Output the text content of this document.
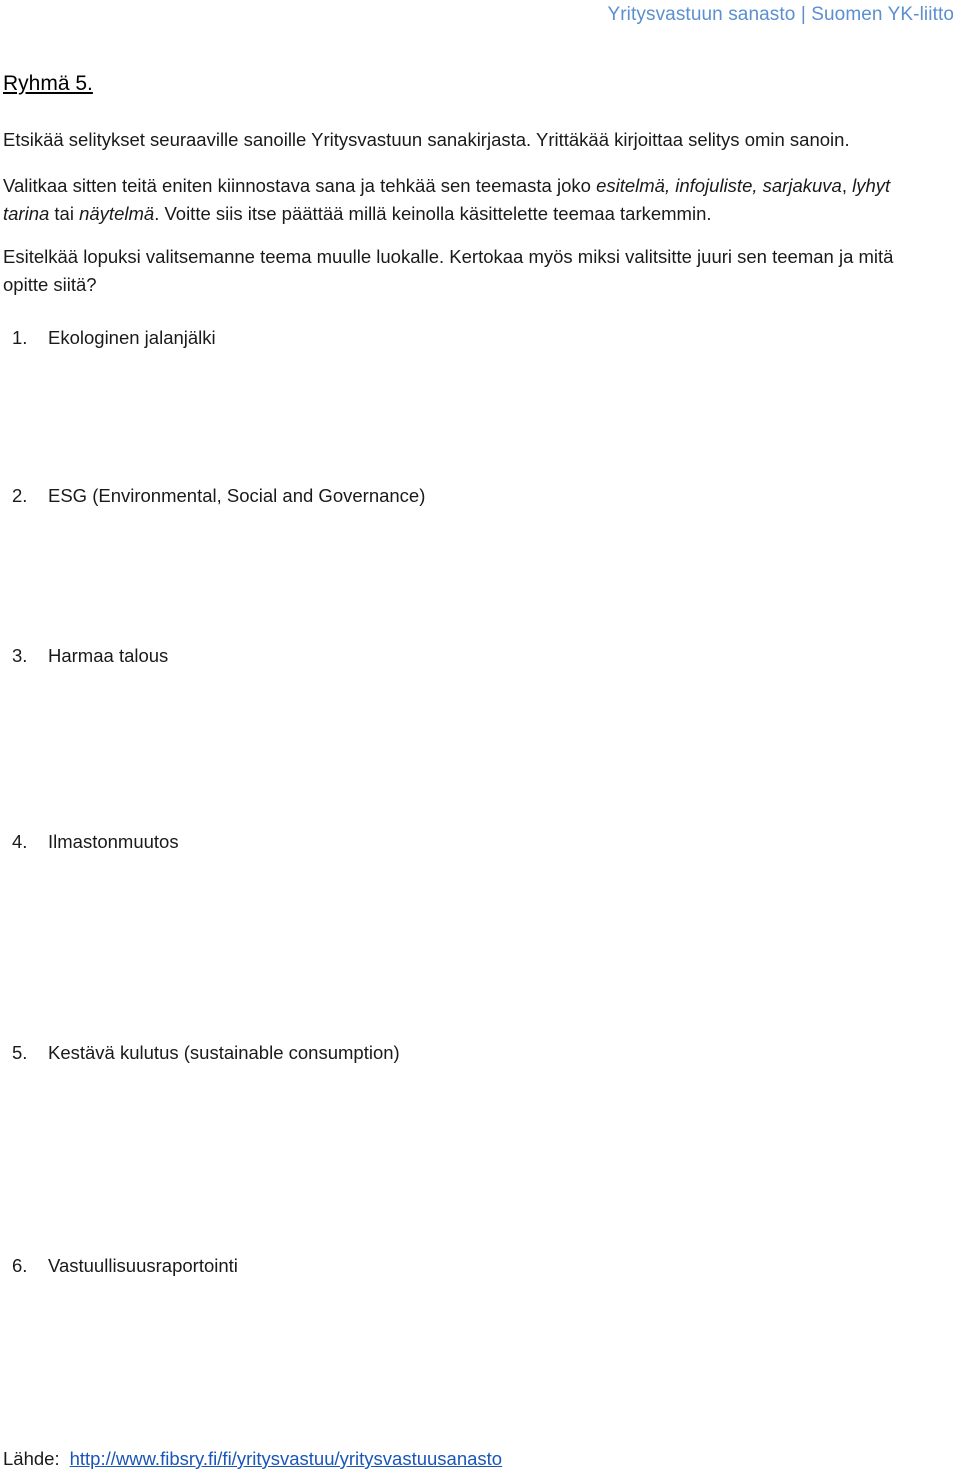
Yritysvastuun sanasto | Suomen YK-liitto
Ryhmä 5.
Etsikää selitykset seuraaville sanoille Yritysvastuun sanakirjasta. Yrittäkää kirjoittaa selitys omin sanoin.
Valitkaa sitten teitä eniten kiinnostava sana ja tehkää sen teemasta joko esitelmä, infojuliste, sarjakuva, lyhyt
tarina tai näytelmä. Voitte siis itse päättää millä keinolla käsittelette teemaa tarkemmin.
Esitelkää lopuksi valitsemanne teema muulle luokalle. Kertokaa myös miksi valitsitte juuri sen teeman ja mitä
opitte siitä?
1. Ekologinen jalanjälki
2. ESG (Environmental, Social and Governance)
3. Harmaa talous
4. Ilmastonmuutos
5. Kestävä kulutus (sustainable consumption)
6. Vastuullisuusraportointi
Lähde: http://www.fibsry.fi/fi/yritysvastuu/yritysvastuusanasto
